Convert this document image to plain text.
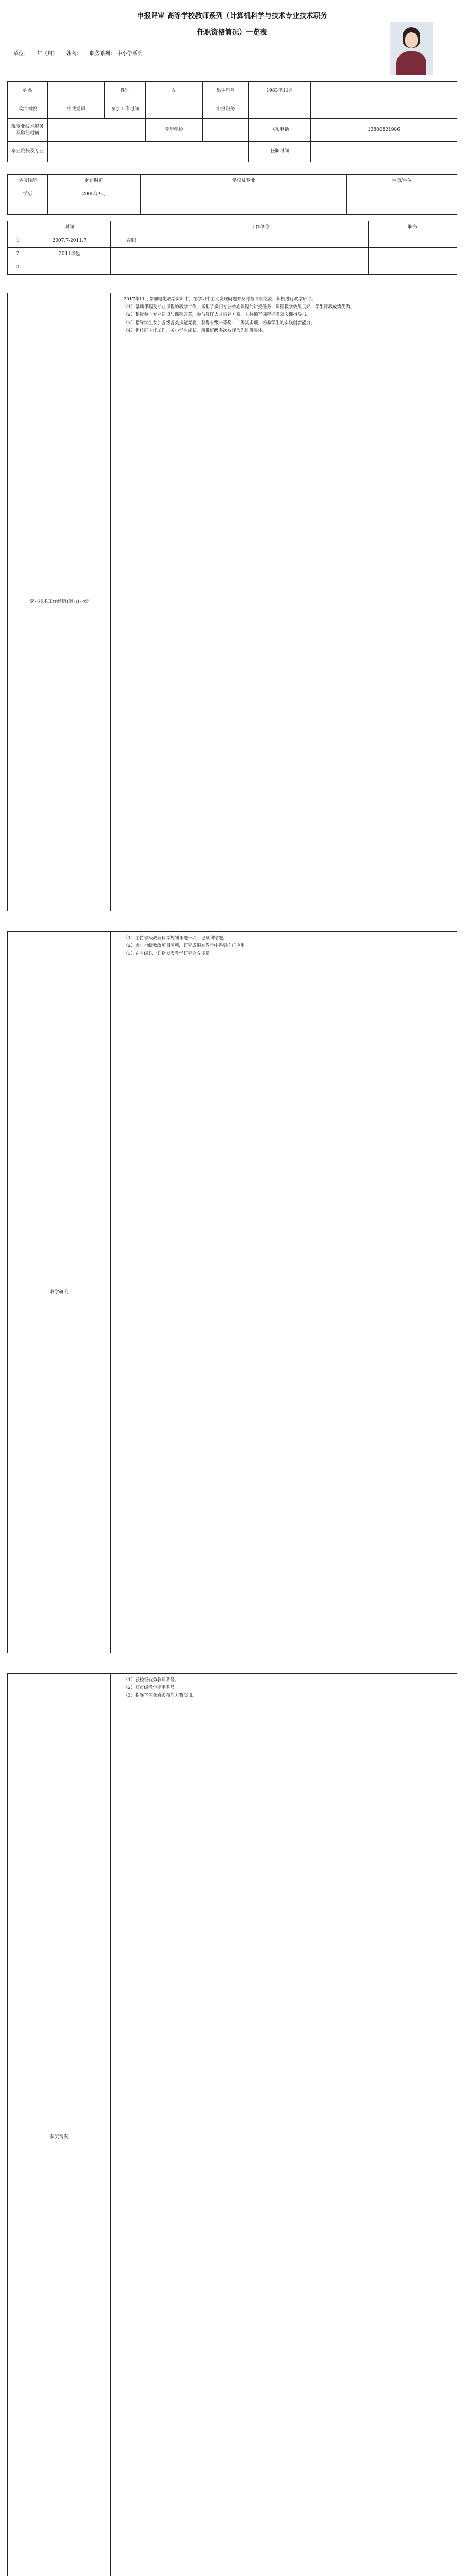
申报评审 高等学校教师系列（计算机科学与技术专业技术职务
任职资格简况）一览表
单位： 年（月） 姓名： 职务系列： 中小学系列
姓名		性别	女	出生年月	1983年11月	
政治面貌	中共党员	参加工作时间		申报职务		
现专业技术职务及聘任时间			学历学位		联系电话	13808821986
毕业院校及专业					任职时间	
学习经历	起止时间	学校及专业	学历/学位
学历	2005年9月		

	时间		工作单位	职务
1	2007.7-2011.7	在职		
2	2011年起			
3				
专业技术工作经历(能力)业绩	

2017年11月参加电化教学实训中，在学习中主动发现问题并及时与同事交流，积极进行教学研讨。

（1）基础课程及专业课程的教学工作，承担了多门专业核心课程的讲授任务，课程教学效果良好，学生评教成绩优秀。

（2）积极参与专业建设与课程改革，参与修订人才培养方案，主持编写课程标准及实训指导书。

（3）指导学生参加各级各类技能竞赛，获得省级一等奖、二等奖多项，培养学生的实践创新能力。

（4）担任班主任工作，关心学生成长，所带班级多次被评为先进班集体。

教学研究	

（1）主持省级教育科学规划课题一项，已顺利结题。

（2）参与市级教改项目两项，研究成果在教学中得到推广应用。

（3）在省级以上刊物发表教学研究论文多篇。

获奖情况	

（1）获校级优秀教师称号。

（2）获市级教学能手称号。

（3）指导学生获省级技能大赛奖项。
